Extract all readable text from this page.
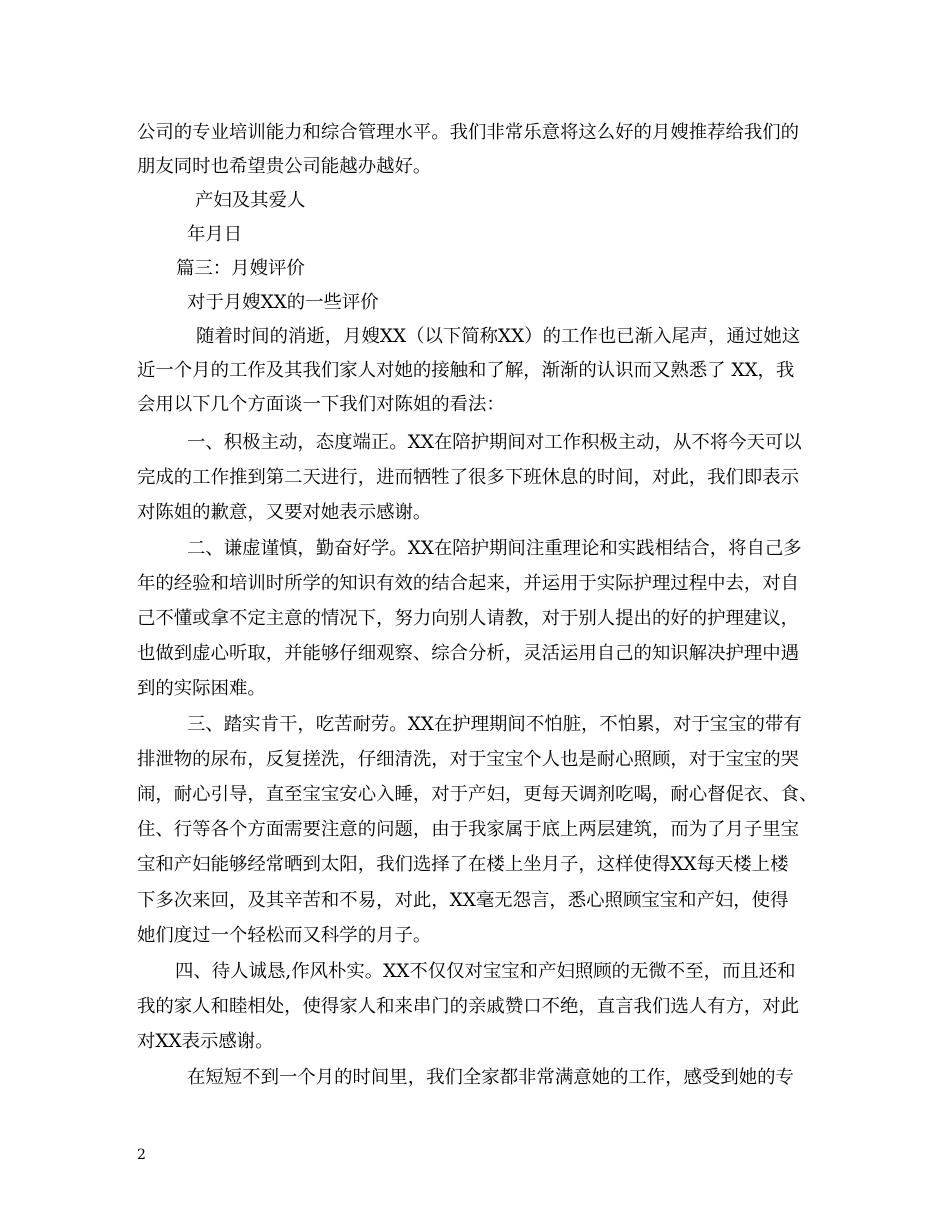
公司的专业培训能力和综合管理水平。我们非常乐意将这么好的月嫂推荐给我们的
朋友同时也希望贵公司能越办越好。
产妇及其爱人
年月日
篇三：月嫂评价
对于月嫂XX的一些评价
随着时间的消逝，月嫂XX（以下简称XX）的工作也已渐入尾声，通过她这
近一个月的工作及其我们家人对她的接触和了解，渐渐的认识而又熟悉了 XX，我
会用以下几个方面谈一下我们对陈姐的看法：
一、积极主动，态度端正。XX在陪护期间对工作积极主动，从不将今天可以
完成的工作推到第二天进行，进而牺牲了很多下班休息的时间，对此，我们即表示
对陈姐的歉意，又要对她表示感谢。
二、谦虚谨慎，勤奋好学。XX在陪护期间注重理论和实践相结合，将自己多
年的经验和培训时所学的知识有效的结合起来，并运用于实际护理过程中去，对自
己不懂或拿不定主意的情况下，努力向别人请教，对于别人提出的好的护理建议，
也做到虚心听取，并能够仔细观察、综合分析，灵活运用自己的知识解决护理中遇
到的实际困难。
三、踏实肯干，吃苦耐劳。XX在护理期间不怕脏，不怕累，对于宝宝的带有
排泄物的尿布，反复搓洗，仔细清洗，对于宝宝个人也是耐心照顾，对于宝宝的哭
闹，耐心引导，直至宝宝安心入睡，对于产妇，更每天调剂吃喝，耐心督促衣、食、
住、行等各个方面需要注意的问题，由于我家属于底上两层建筑，而为了月子里宝
宝和产妇能够经常晒到太阳，我们选择了在楼上坐月子，这样使得XX每天楼上楼
下多次来回，及其辛苦和不易，对此，XX毫无怨言，悉心照顾宝宝和产妇，使得
她们度过一个轻松而又科学的月子。
四、待人诚恳,作风朴实。XX不仅仅对宝宝和产妇照顾的无微不至，而且还和
我的家人和睦相处，使得家人和来串门的亲戚赞口不绝，直言我们选人有方，对此
对XX表示感谢。
在短短不到一个月的时间里，我们全家都非常满意她的工作，感受到她的专
2
